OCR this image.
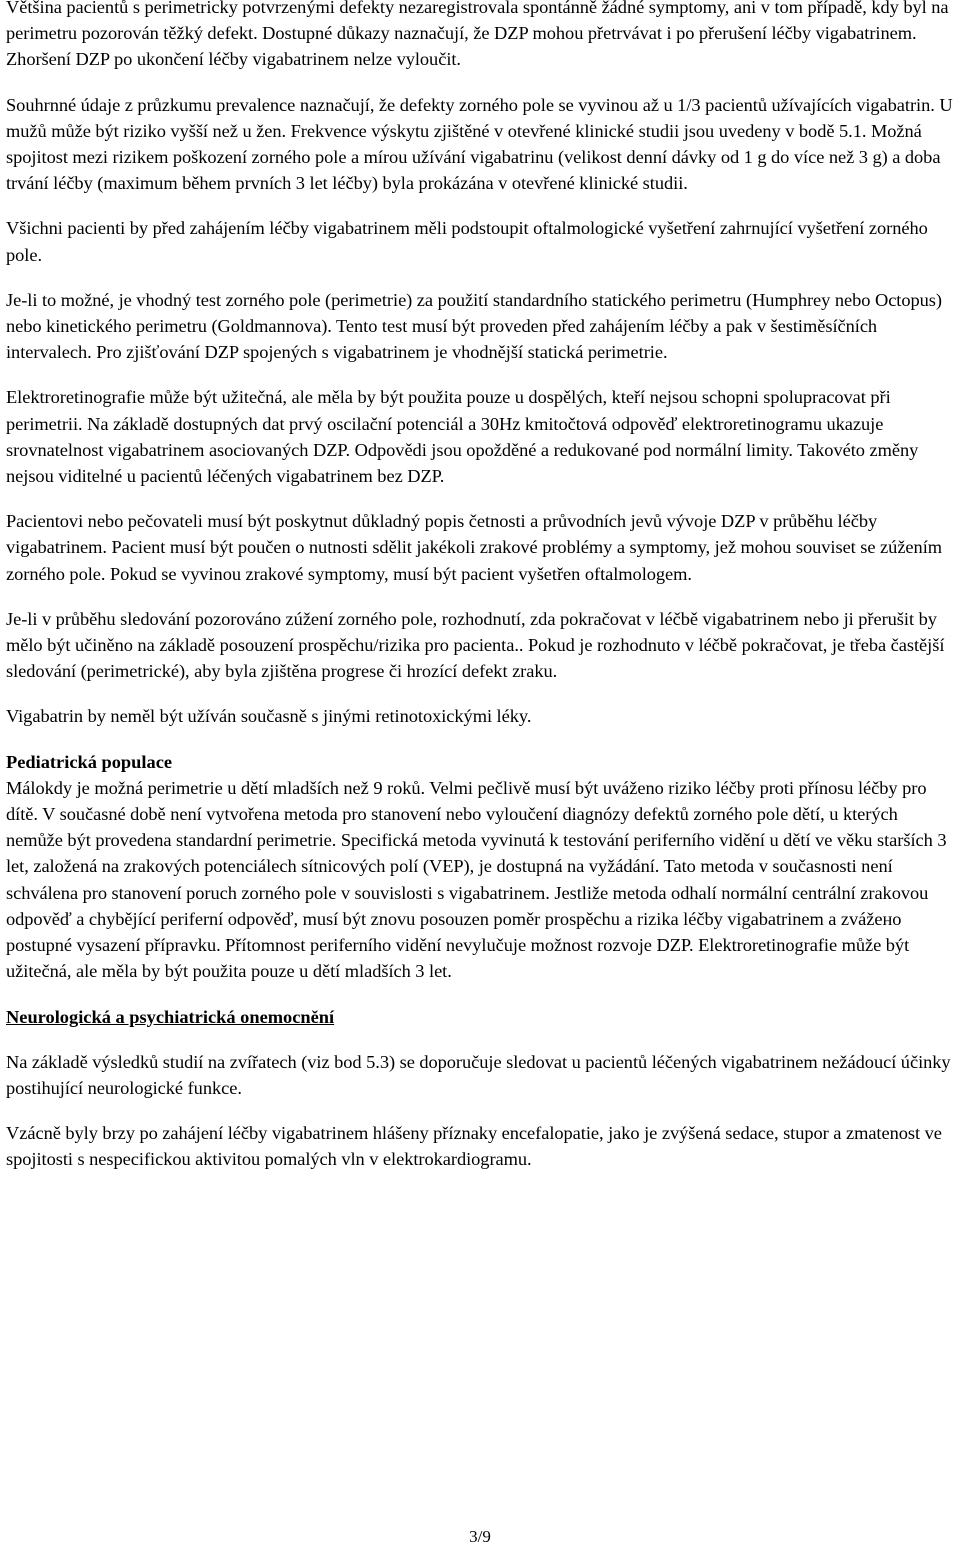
Většina pacientů s perimetricky potvrzenými defekty nezaregistrovala spontánně žádné symptomy, ani v tom případě, kdy byl na perimetru pozorován těžký defekt. Dostupné důkazy naznačují, že DZP mohou přetrvávat i po přerušení léčby vigabatrinem. Zhoršení DZP po ukončení léčby vigabatrinem nelze vyloučit.

Souhrnné údaje z průzkumu prevalence naznačují, že defekty zorného pole se vyvinou až u 1/3 pacientů užívajících vigabatrin. U mužů může být riziko vyšší než u žen. Frekvence výskytu zjištěné v otevřené klinické studii jsou uvedeny v bodě 5.1. Možná spojitost mezi rizikem poškození zorného pole a mírou užívání vigabatrinu (velikost denní dávky od 1 g do více než 3 g) a doba trvání léčby (maximum během prvních 3 let léčby) byla prokázána v otevřené klinické studii.

Všichni pacienti by před zahájením léčby vigabatrinem měli podstoupit oftalmologické vyšetření zahrnující vyšetření zorného pole.

Je-li to možné, je vhodný test zorného pole (perimetrie) za použití standardního statického perimetru (Humphrey nebo Octopus) nebo kinetického perimetru (Goldmannova). Tento test musí být proveden před zahájením léčby a pak v šestiměsíčních intervalech. Pro zjišťování DZP spojených s vigabatrinem je vhodnější statická perimetrie.

Elektroretinografie může být užitečná, ale měla by být použita pouze u dospělých, kteří nejsou schopni spolupracovat při perimetrii. Na základě dostupných dat prvý oscilační potenciál a 30Hz kmitočtová odpověď elektroretinogramu ukazuje srovnatelnost vigabatrinem asociovaných DZP. Odpovědi jsou opožděné a redukované pod normální limity. Takovéto změny nejsou viditelné u pacientů léčených vigabatrinem bez DZP.

Pacientovi nebo pečovateli musí být poskytnut důkladný popis četnosti a průvodních jevů vývoje DZP v průběhu léčby vigabatrinem. Pacient musí být poučen o nutnosti sdělit jakékoli zrakové problémy a symptomy, jež mohou souviset se zúžením zorného pole. Pokud se vyvinou zrakové symptomy, musí být pacient vyšetřen oftalmologem.

Je-li v průběhu sledování pozorováno zúžení zorného pole, rozhodnutí, zda pokračovat v léčbě vigabatrinem nebo ji přerušit by mělo být učiněno na základě posouzení prospěchu/rizika pro pacienta.. Pokud je rozhodnuto v léčbě pokračovat, je třeba častější sledování (perimetrické), aby byla zjištěna progrese či hrozící defekt zraku.

Vigabatrin by neměl být užíván současně s jinými retinotoxickými léky.

Pediatrická populace

Málokdy je možná perimetrie u dětí mladších než 9 roků. Velmi pečlivě musí být uváženo riziko léčby proti přínosu léčby pro dítě. V současné době není vytvořena metoda pro stanovení nebo vyloučení diagnózy defektů zorného pole dětí, u kterých nemůže být provedena standardní perimetrie. Specifická metoda vyvinutá k testování periferního vidění u dětí ve věku starších 3 let, založená na zrakových potenciálech sítnicových polí (VEP), je dostupná na vyžádání. Tato metoda v současnosti není schválena pro stanovení poruch zorného pole v souvislosti s vigabatrinem. Jestliže metoda odhalí normální centrální zrakovou odpověď a chybějící periferní odpověď, musí být znovu posouzen poměr prospěchu a rizika léčby vigabatrinem a zvážено postupné vysazení přípravku. Přítomnost periferního vidění nevylučuje možnost rozvoje DZP. Elektroretinografie může být užitečná, ale měla by být použita pouze u dětí mladších 3 let.

Neurologická a psychiatrická onemocnění

Na základě výsledků studií na zvířatech (viz bod 5.3) se doporučuje sledovat u pacientů léčených vigabatrinem nežádoucí účinky postihující neurologické funkce.

Vzácně byly brzy po zahájení léčby vigabatrinem hlášeny příznaky encefalopatie, jako je zvýšená sedace, stupor a zmatenost ve spojitosti s nespecifickou aktivitou pomalých vln v elektrokardiogramu.

3/9
